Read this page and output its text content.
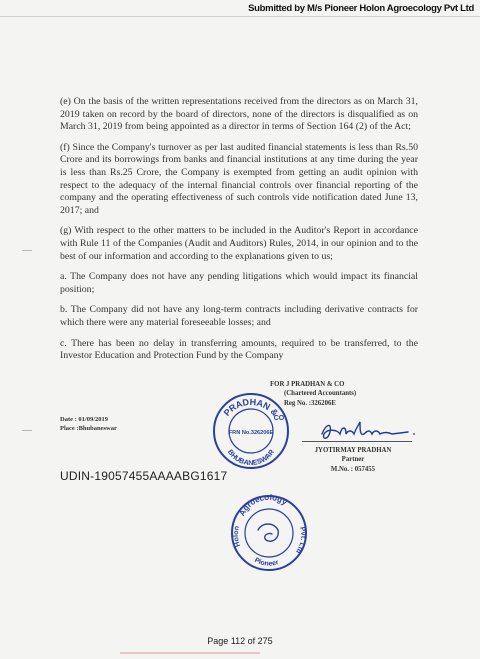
Submitted by M/s Pioneer Holon Agroecology Pvt Ltd

(e) On the basis of the written representations received from the directors as on March 31, 2019 taken on record by the board of directors, none of the directors is disqualified as on March 31, 2019 from being appointed as a director in terms of Section 164 (2) of the Act;

(f) Since the Company's turnover as per last audited financial statements is less than Rs.50 Crore and its borrowings from banks and financial institutions at any time during the year is less than Rs.25 Crore, the Company is exempted from getting an audit opinion with respect to the adequacy of the internal financial controls over financial reporting of the company and the operating effectiveness of such controls vide notification dated June 13, 2017; and

(g) With respect to the other matters to be included in the Auditor's Report in accordance with Rule 11 of the Companies (Audit and Auditors) Rules, 2014, in our opinion and to the best of our information and according to the explanations given to us;

a. The Company does not have any pending litigations which would impact its financial position;

b. The Company did not have any long-term contracts including derivative contracts for which there were any material foreseeable losses; and

c. There has been no delay in transferring amounts, required to be transferred, to the Investor Education and Protection Fund by the Company

Date : 01/09/2019
Place :Bhubaneswar
FOR J PRADHAN & CO
(Chartered Accountants)
Reg No. :326206E
PRADHAN &
BHUBANESWAR
FRN No.326206E
CO
JYOTIRMAY PRADHAN
Partner
M.No. : 057455
UDIN-19057455AAAABG1617
Agroecology
Holon
Pioneer
Pvt. Ltd
Page 112 of 275
